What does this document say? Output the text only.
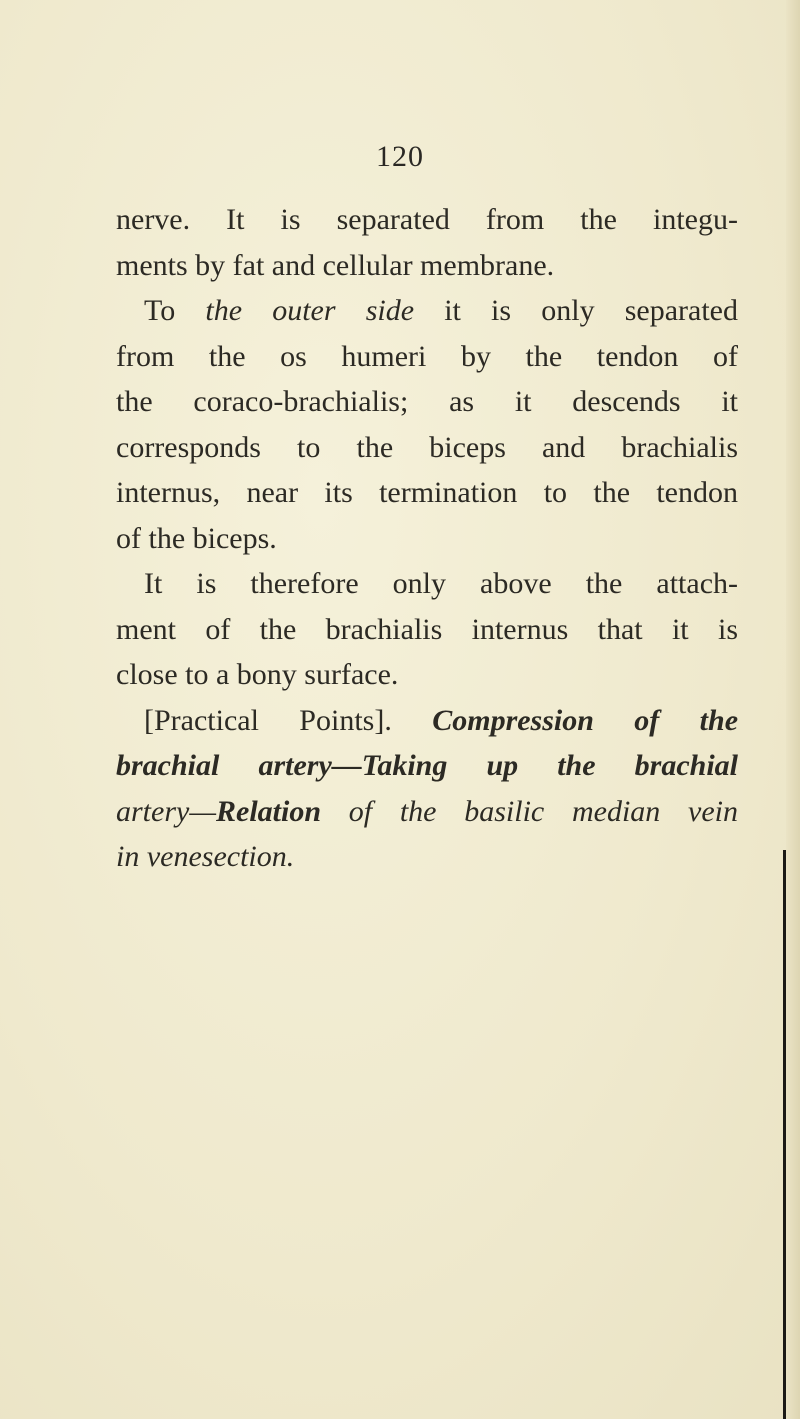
120
nerve. It is separated from the integu-
ments by fat and cellular membrane.
To the outer side it is only separated
from the os humeri by the tendon of
the coraco-brachialis; as it descends it
corresponds to the biceps and brachialis
internus, near its termination to the tendon
of the biceps.
It is therefore only above the attach-
ment of the brachialis internus that it is
close to a bony surface.
[Practical Points]. Compression of the
brachial artery—Taking up the brachial
artery—Relation of the basilic median vein
in venesection.
